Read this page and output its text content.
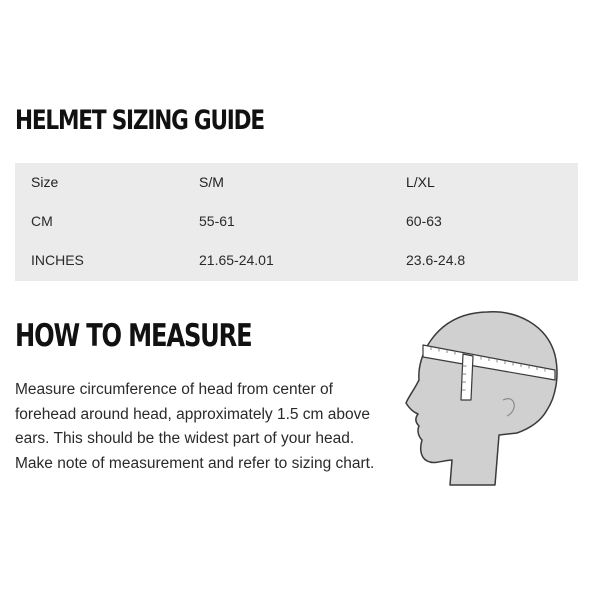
HELMET SIZING GUIDE
Size	S/M	L/XL
CM	55-61	60-63
INCHES	21.65-24.01	23.6-24.8
HOW TO MEASURE

Measure circumference of head from center of forehead around head, approximately 1.5 cm above ears. This should be the widest part of your head. Make note of measurement and refer to sizing chart.
